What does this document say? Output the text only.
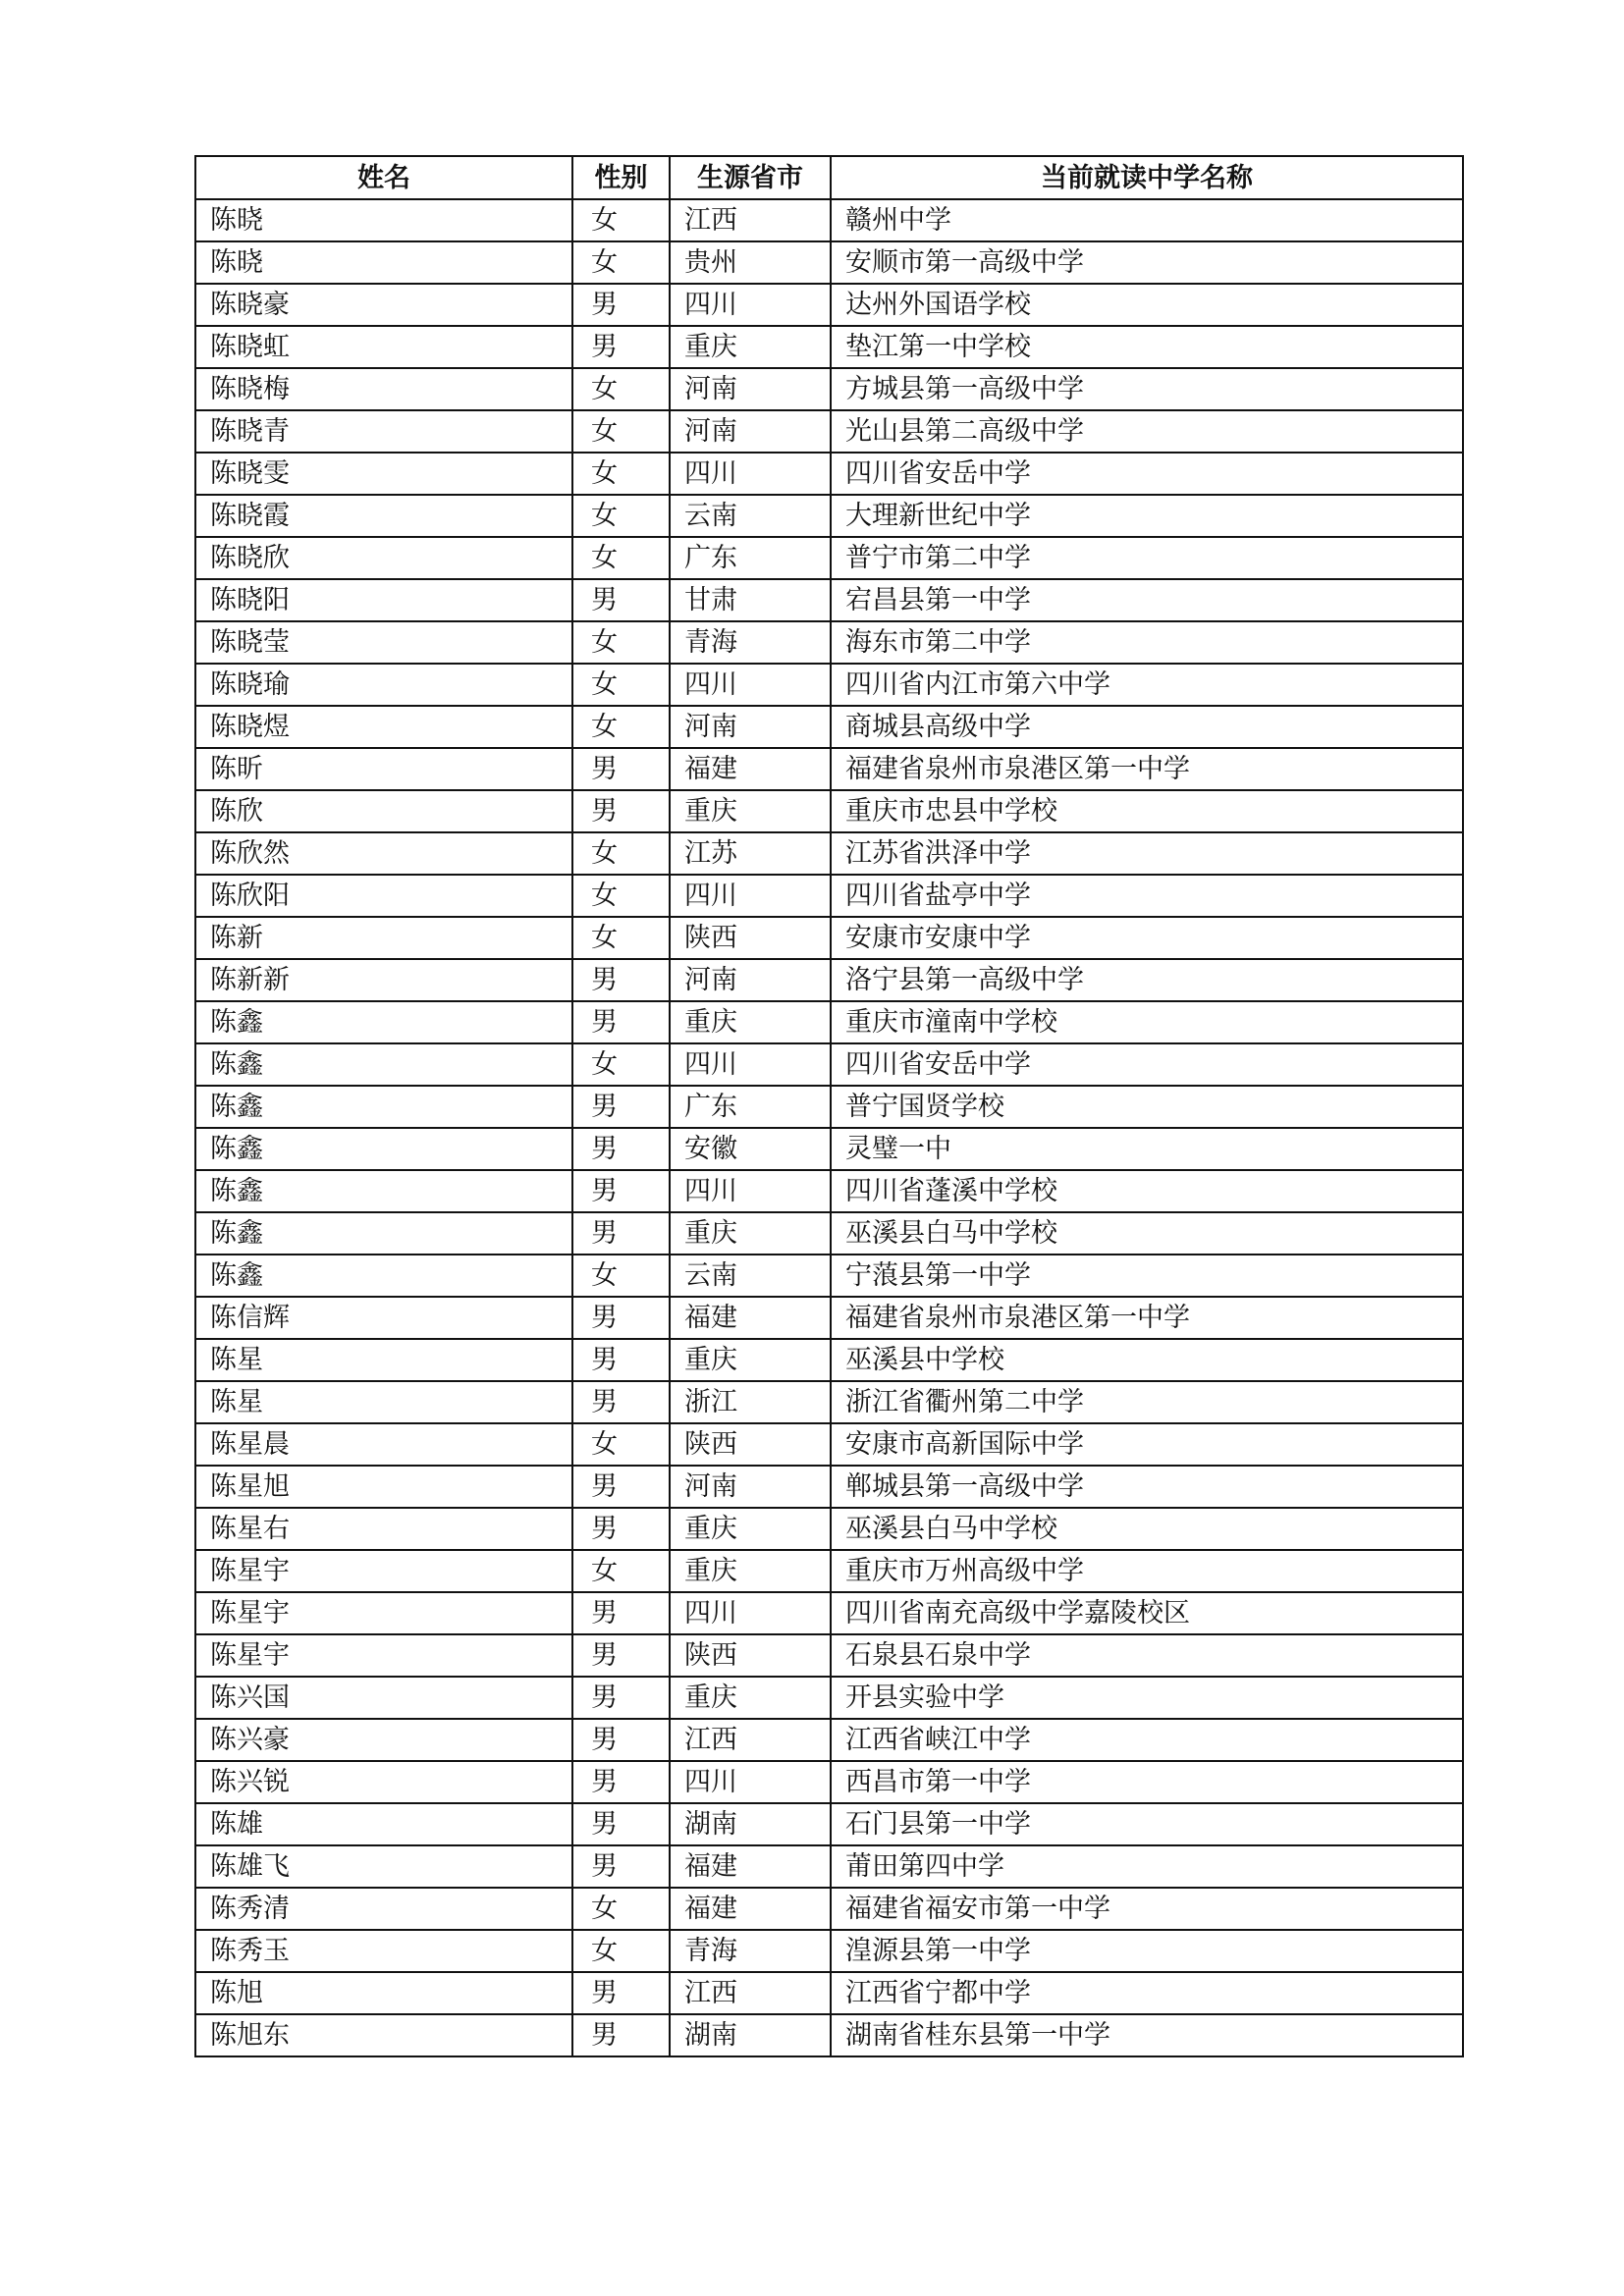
姓名	性别	生源省市	当前就读中学名称
陈晓	女	江西	赣州中学
陈晓	女	贵州	安顺市第一高级中学
陈晓豪	男	四川	达州外国语学校
陈晓虹	男	重庆	垫江第一中学校
陈晓梅	女	河南	方城县第一高级中学
陈晓青	女	河南	光山县第二高级中学
陈晓雯	女	四川	四川省安岳中学
陈晓霞	女	云南	大理新世纪中学
陈晓欣	女	广东	普宁市第二中学
陈晓阳	男	甘肃	宕昌县第一中学
陈晓莹	女	青海	海东市第二中学
陈晓瑜	女	四川	四川省内江市第六中学
陈晓煜	女	河南	商城县高级中学
陈昕	男	福建	福建省泉州市泉港区第一中学
陈欣	男	重庆	重庆市忠县中学校
陈欣然	女	江苏	江苏省洪泽中学
陈欣阳	女	四川	四川省盐亭中学
陈新	女	陕西	安康市安康中学
陈新新	男	河南	洛宁县第一高级中学
陈鑫	男	重庆	重庆市潼南中学校
陈鑫	女	四川	四川省安岳中学
陈鑫	男	广东	普宁国贤学校
陈鑫	男	安徽	灵璧一中
陈鑫	男	四川	四川省蓬溪中学校
陈鑫	男	重庆	巫溪县白马中学校
陈鑫	女	云南	宁蒗县第一中学
陈信辉	男	福建	福建省泉州市泉港区第一中学
陈星	男	重庆	巫溪县中学校
陈星	男	浙江	浙江省衢州第二中学
陈星晨	女	陕西	安康市高新国际中学
陈星旭	男	河南	郸城县第一高级中学
陈星右	男	重庆	巫溪县白马中学校
陈星宇	女	重庆	重庆市万州高级中学
陈星宇	男	四川	四川省南充高级中学嘉陵校区
陈星宇	男	陕西	石泉县石泉中学
陈兴国	男	重庆	开县实验中学
陈兴豪	男	江西	江西省峡江中学
陈兴锐	男	四川	西昌市第一中学
陈雄	男	湖南	石门县第一中学
陈雄飞	男	福建	莆田第四中学
陈秀清	女	福建	福建省福安市第一中学
陈秀玉	女	青海	湟源县第一中学
陈旭	男	江西	江西省宁都中学
陈旭东	男	湖南	湖南省桂东县第一中学
